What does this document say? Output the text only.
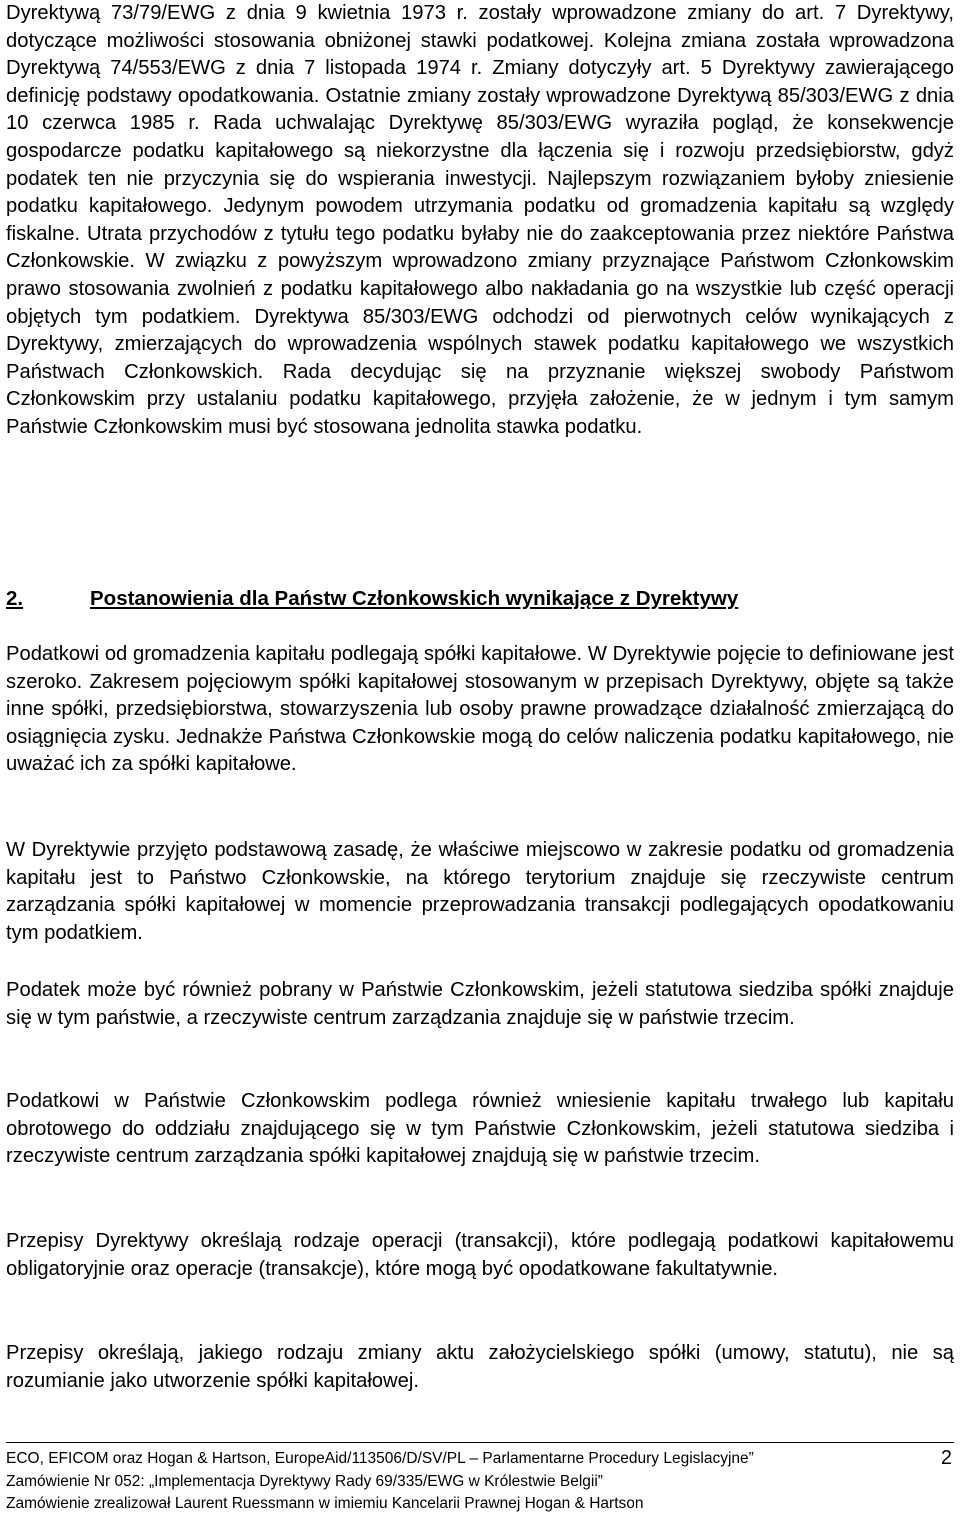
Dyrektywą 73/79/EWG z dnia 9 kwietnia 1973 r. zostały wprowadzone zmiany do art. 7 Dyrektywy, dotyczące możliwości stosowania obniżonej stawki podatkowej. Kolejna zmiana została wprowadzona Dyrektywą 74/553/EWG z dnia 7 listopada 1974 r. Zmiany dotyczyły art. 5 Dyrektywy zawierającego definicję podstawy opodatkowania. Ostatnie zmiany zostały wprowadzone Dyrektywą 85/303/EWG z dnia 10 czerwca 1985 r. Rada uchwalając Dyrektywę 85/303/EWG wyraziła pogląd, że konsekwencje gospodarcze podatku kapitałowego są niekorzystne dla łączenia się i rozwoju przedsiębiorstw, gdyż podatek ten nie przyczynia się do wspierania inwestycji. Najlepszym rozwiązaniem byłoby zniesienie podatku kapitałowego. Jedynym powodem utrzymania podatku od gromadzenia kapitału są względy fiskalne. Utrata przychodów z tytułu tego podatku byłaby nie do zaakceptowania przez niektóre Państwa Członkowskie. W związku z powyższym wprowadzono zmiany przyznające Państwom Członkowskim prawo stosowania zwolnień z podatku kapitałowego albo nakładania go na wszystkie lub część operacji objętych tym podatkiem. Dyrektywa 85/303/EWG odchodzi od pierwotnych celów wynikających z Dyrektywy, zmierzających do wprowadzenia wspólnych stawek podatku kapitałowego we wszystkich Państwach Członkowskich. Rada decydując się na przyznanie większej swobody Państwom Członkowskim przy ustalaniu podatku kapitałowego, przyjęła założenie, że w jednym i tym samym Państwie Członkowskim musi być stosowana jednolita stawka podatku.

2.	Postanowienia dla Państw Członkowskich wynikające z Dyrektywy

Podatkowi od gromadzenia kapitału podlegają spółki kapitałowe. W Dyrektywie pojęcie to definiowane jest szeroko. Zakresem pojęciowym spółki kapitałowej stosowanym w przepisach Dyrektywy, objęte są także inne spółki, przedsiębiorstwa, stowarzyszenia lub osoby prawne prowadzące działalność zmierzającą do osiągnięcia zysku. Jednakże Państwa Członkowskie mogą do celów naliczenia podatku kapitałowego, nie uważać ich za spółki kapitałowe.

W Dyrektywie przyjęto podstawową zasadę, że właściwe miejscowo w zakresie podatku od gromadzenia kapitału jest to Państwo Członkowskie, na którego terytorium znajduje się rzeczywiste centrum zarządzania spółki kapitałowej w momencie przeprowadzania transakcji podlegających opodatkowaniu tym podatkiem.

Podatek może być również pobrany w Państwie Członkowskim, jeżeli statutowa siedziba spółki znajduje się w tym państwie, a rzeczywiste centrum zarządzania znajduje się w państwie trzecim.

Podatkowi w Państwie Członkowskim podlega również wniesienie kapitału trwałego lub kapitału obrotowego do oddziału znajdującego się w tym Państwie Członkowskim, jeżeli statutowa siedziba i rzeczywiste centrum zarządzania spółki kapitałowej znajdują się w państwie trzecim.

Przepisy Dyrektywy określają rodzaje operacji (transakcji), które podlegają podatkowi kapitałowemu obligatoryjnie oraz operacje (transakcje), które mogą być opodatkowane fakultatywnie.

Przepisy określają, jakiego rodzaju zmiany aktu założycielskiego spółki (umowy, statutu), nie są rozumianie jako utworzenie spółki kapitałowej.

ECO, EFICOM oraz Hogan & Hartson, EuropeAid/113506/D/SV/PL – Parlamentarne Procedury Legislacyjne”

Zamówienie Nr 052: „Implementacja Dyrektywy Rady 69/335/EWG w Królestwie Belgii”

Zamówienie zrealizował Laurent Ruessmann w imiemiu Kancelarii Prawnej Hogan & Hartson

2
